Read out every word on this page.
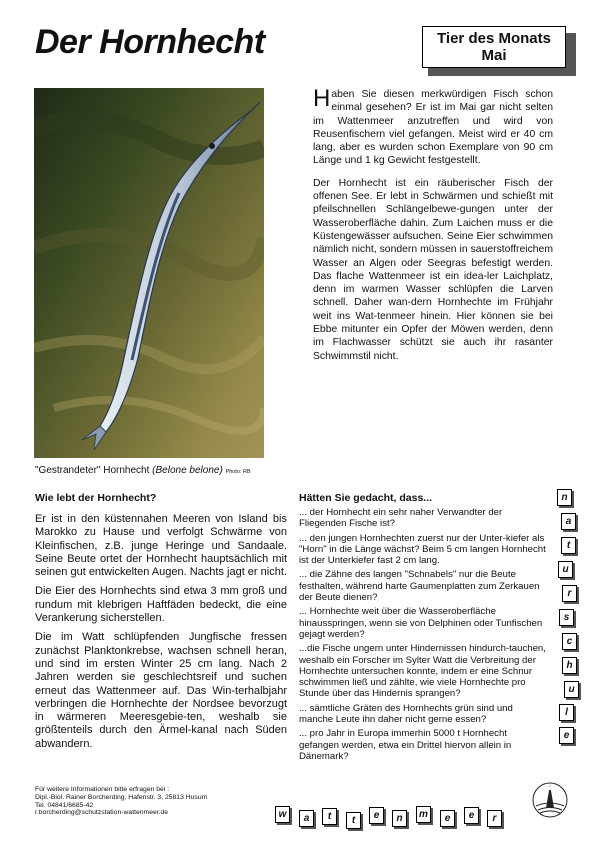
Der Hornhecht	Tier des Monats
Mai
"Gestrandeter" Hornhecht (Belone belone) Photo: RB

Haben Sie diesen merkwürdigen Fisch schon einmal gesehen? Er ist im Mai gar nicht selten im Wattenmeer anzutreffen und wird von Reusenfischern viel gefangen. Meist wird er 40 cm lang, aber es wurden schon Exemplare von 90 cm Länge und 1 kg Gewicht festgestellt.

Der Hornhecht ist ein räuberischer Fisch der offenen See. Er lebt in Schwärmen und schießt mit pfeilschnellen Schlängelbewe-gungen unter der Wasseroberfläche dahin. Zum Laichen muss er die Küstengewässer aufsuchen. Seine Eier schwimmen nämlich nicht, sondern müssen in sauerstoffreichem Wasser an Algen oder Seegras befestigt werden. Das flache Wattenmeer ist ein idea-ler Laichplatz, denn im warmen Wasser schlüpfen die Larven schnell. Daher wan-dern Hornhechte im Frühjahr weit ins Wat-tenmeer hinein. Hier können sie bei Ebbe mitunter ein Opfer der Möwen werden, denn im Flachwasser schützt sie auch ihr rasanter Schwimmstil nicht.

Wie lebt der Hornhecht?

Er ist in den küstennahen Meeren von Island bis Marokko zu Hause und verfolgt Schwärme von Kleinfischen, z.B. junge Heringe und Sandaale. Seine Beute ortet der Hornhecht hauptsächlich mit seinen gut entwickelten Augen. Nachts jagt er nicht.

Die Eier des Hornhechts sind etwa 3 mm groß und rundum mit klebrigen Haftfäden bedeckt, die eine Verankerung sicherstellen.

Die im Watt schlüpfenden Jungfische fressen zunächst Planktonkrebse, wachsen schnell heran, und sind im ersten Winter 25 cm lang. Nach 2 Jahren werden sie geschlechtsreif und suchen erneut das Wattenmeer auf. Das Win-terhalbjahr verbringen die Hornhechte der Nordsee bevorzugt in wärmeren Meeresgebie-ten, weshalb sie größtenteils durch den Ärmel-kanal nach Süden abwandern.

Hätten Sie gedacht, dass...

... der Hornhecht ein sehr naher Verwandter der Fliegenden Fische ist?

... den jungen Hornhechten zuerst nur der Unter-kiefer als "Horn" in die Länge wächst? Beim 5 cm langen Hornhecht ist der Unterkiefer fast 2 cm lang.

... die Zähne des langen "Schnabels" nur die Beute festhalten, während harte Gaumenplatten zum Zerkauen der Beute dienen?

... Hornhechte weit über die Wasseroberfläche hinausspringen, wenn sie von Delphinen oder Tunfischen gejagt werden?

...die Fische ungern unter Hindernissen hindurch-tauchen, weshalb ein Forscher im Sylter Watt die Verbreitung der Hornhechte untersuchen konnte, indem er eine Schnur schwimmen ließ und zählte, wie viele Hornhechte pro Stunde über das Hindernis sprangen?

... sämtliche Gräten des Hornhechts grün sind und manche Leute ihn daher nicht gerne essen?

... pro Jahr in Europa immerhin 5000 t Hornhecht gefangen werden, etwa ein Drittel hiervon allein in Dänemark?

n
a
t
u
r
s
c
h
u
l
e
w	a	t	t	e	n	m	e	e	r
Für weitere Informationen bitte erfragen bei :
Dipl.-Biol. Rainer Borcherding, Hafenstr. 3, 25813 Husum
Tel. 04841/6685-42
r.borcherding@schutzstation-wattenmeer.de
